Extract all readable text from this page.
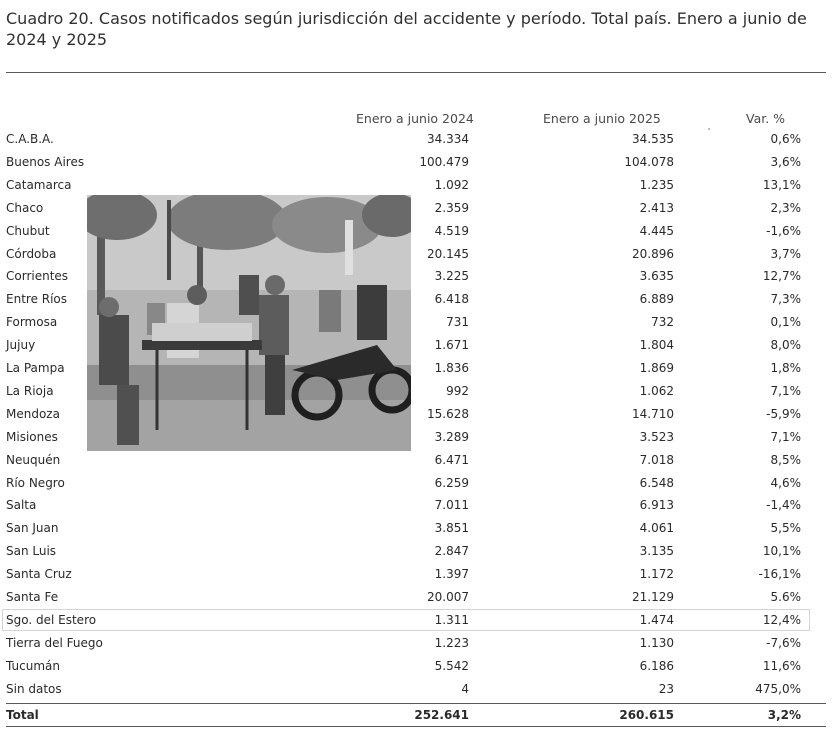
Cuadro 20. Casos notificados según jurisdicción del accidente y período. Total país. Enero a junio de 2024 y 2025
Enero a junio 2024	Enero a junio 2025	Var. %
C.A.B.A.	34.334	34.535	0,6%
Buenos Aires	100.479	104.078	3,6%
Catamarca	1.092	1.235	13,1%
Chaco	2.359	2.413	2,3%
Chubut	4.519	4.445	-1,6%
Córdoba	20.145	20.896	3,7%
Corrientes	3.225	3.635	12,7%
Entre Ríos	6.418	6.889	7,3%
Formosa	731	732	0,1%
Jujuy	1.671	1.804	8,0%
La Pampa	1.836	1.869	1,8%
La Rioja	992	1.062	7,1%
Mendoza	15.628	14.710	-5,9%
Misiones	3.289	3.523	7,1%
Neuquén	6.471	7.018	8,5%
Río Negro	6.259	6.548	4,6%
Salta	7.011	6.913	-1,4%
San Juan	3.851	4.061	5,5%
San Luis	2.847	3.135	10,1%
Santa Cruz	1.397	1.172	-16,1%
Santa Fe	20.007	21.129	5.6%
Sgo. del Estero	1.311	1.474	12,4%
Tierra del Fuego	1.223	1.130	-7,6%
Tucumán	5.542	6.186	11,6%
Sin datos	4	23	475,0%
Total	252.641	260.615	3,2%
